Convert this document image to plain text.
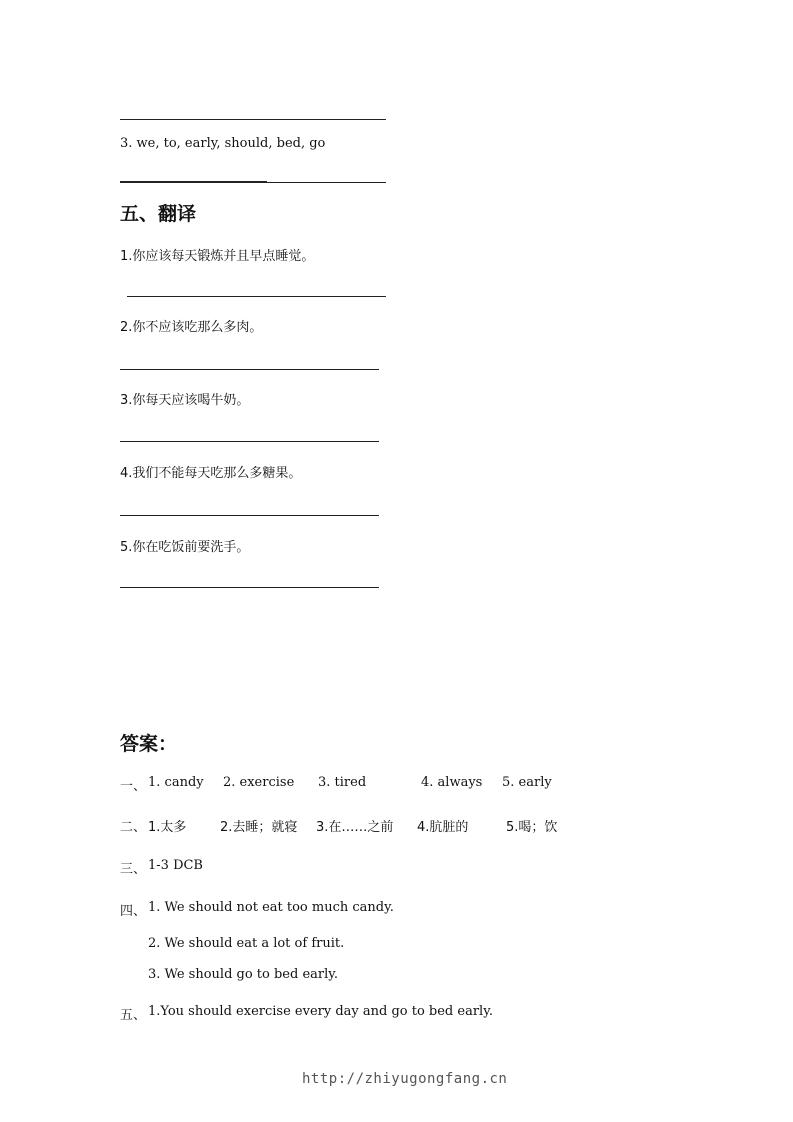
3. we, to, early, should, bed, go
五、翻译
1.你应该每天锻炼并且早点睡觉。
2.你不应该吃那么多肉。
3.你每天应该喝牛奶。
4.我们不能每天吃那么多糖果。
5.你在吃饭前要洗手。
答案：
一、 1. candy 2. exercise 3. tired	4. always 5. early
二、 1.太多	2.去睡；就寝 3.在……之前 4.肮脏的	5.喝；饮
三、 1-3 DCB
四、 1. We should not eat too much candy.
2. We should eat a lot of fruit.
3. We should go to bed early.
五、 1.You should exercise every day and go to bed early.
http://zhiyugongfang.cn
